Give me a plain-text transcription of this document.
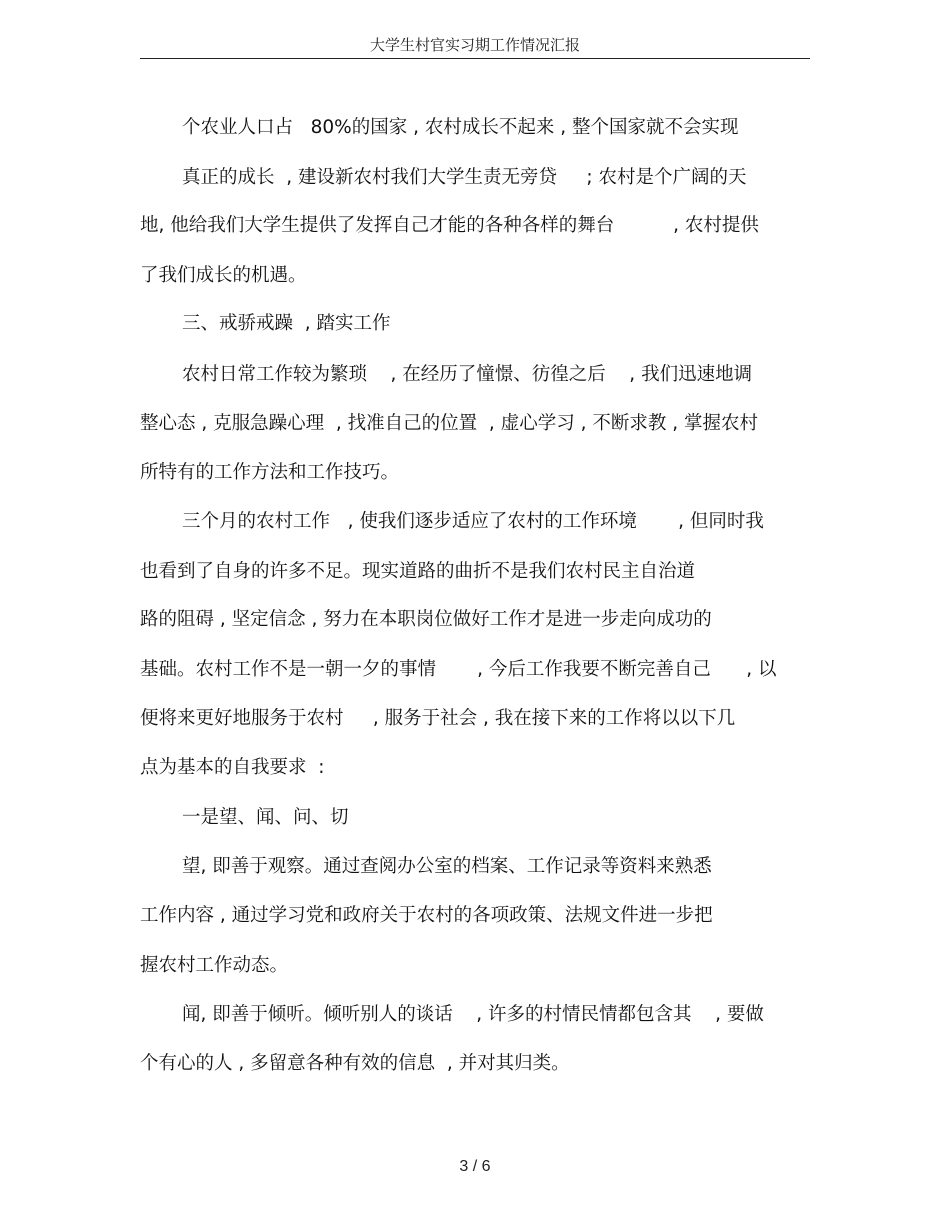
大学生村官实习期工作情况汇报
个农业人口占   80%的国家 , 农村成长不起来 , 整个国家就不会实现
真正的成长  , 建设新农村我们大学生责无旁贷     ; 农村是个广阔的天
地, 他给我们大学生提供了发挥自己才能的各种各样的舞台          , 农村提供
了我们成长的机遇。
三、戒骄戒躁  , 踏实工作
农村日常工作较为繁琐    , 在经历了憧憬、彷徨之后    , 我们迅速地调
整心态 , 克服急躁心理  , 找准自己的位置  , 虚心学习 , 不断求教 , 掌握农村
所特有的工作方法和工作技巧。
三个月的农村工作   , 使我们逐步适应了农村的工作环境       , 但同时我
也看到了自身的许多不足。现实道路的曲折不是我们农村民主自治道
路的阻碍 , 坚定信念 , 努力在本职岗位做好工作才是进一步走向成功的
基础。农村工作不是一朝一夕的事情       , 今后工作我要不断完善自己      , 以
便将来更好地服务于农村     , 服务于社会 , 我在接下来的工作将以以下几
点为基本的自我要求  :
一是望、闻、问、切
望, 即善于观察。通过查阅办公室的档案、工作记录等资料来熟悉
工作内容 , 通过学习党和政府关于农村的各项政策、法规文件进一步把
握农村工作动态。
闻, 即善于倾听。倾听别人的谈话    , 许多的村情民情都包含其    , 要做
个有心的人 , 多留意各种有效的信息  , 并对其归类。
3 / 6
